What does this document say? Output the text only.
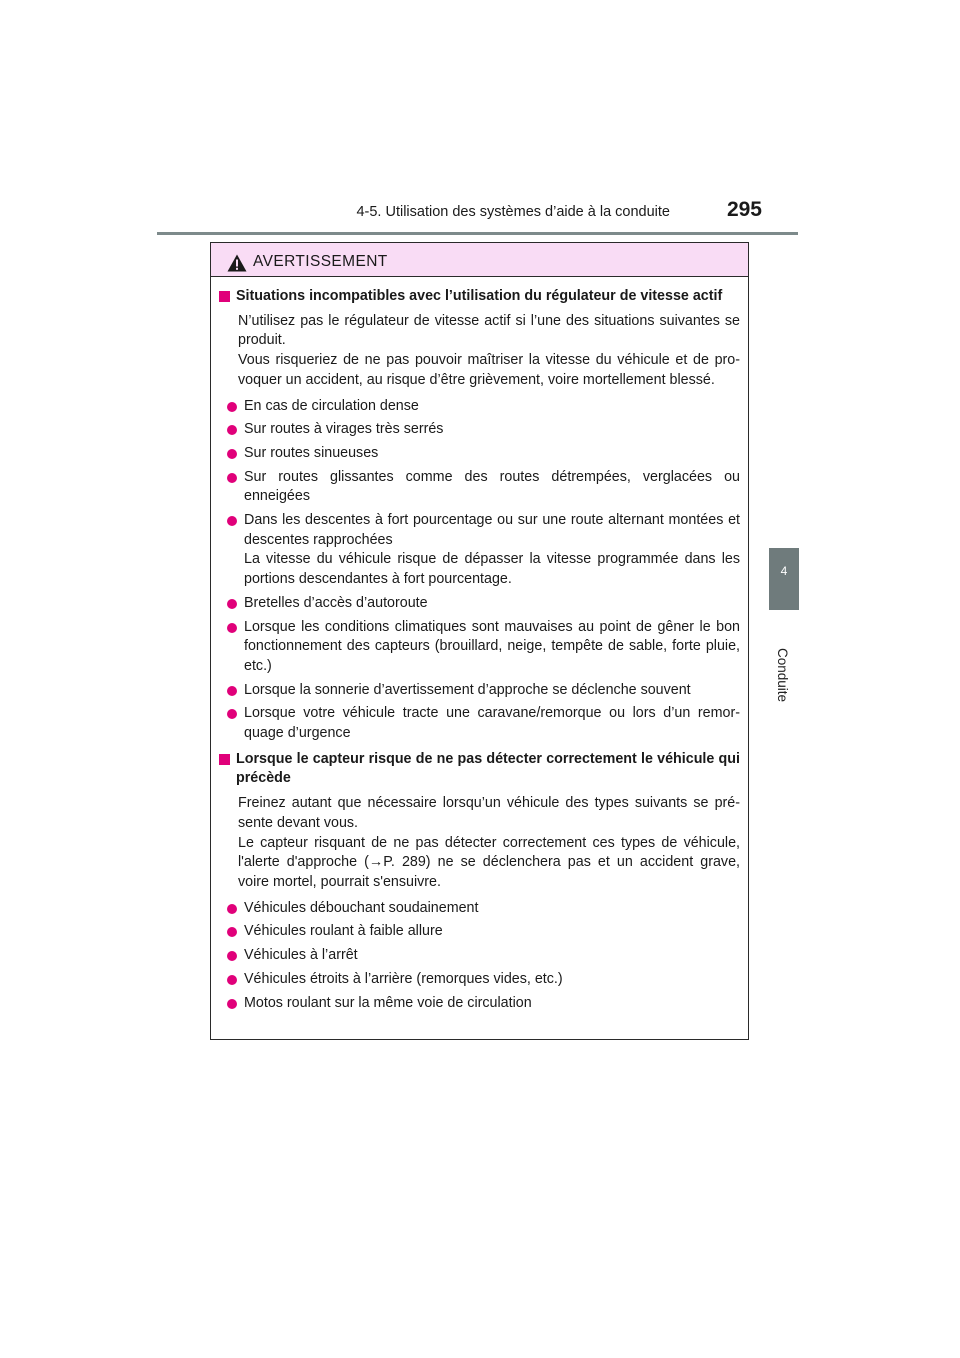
4-5. Utilisation des systèmes d’aide à la conduite	295
4
Conduite
AVERTISSEMENT
Situations incompatibles avec l’utilisation du régulateur de vitesse actif
N’utilisez pas le régulateur de vitesse actif si l’une des situations suivantes se produit.
Vous risqueriez de ne pas pouvoir maîtriser la vitesse du véhicule et de pro-voquer un accident, au risque d’être grièvement, voire mortellement blessé.
En cas de circulation dense
Sur routes à virages très serrés
Sur routes sinueuses
Sur routes glissantes comme des routes détrempées, verglacées ou enneigées
Dans les descentes à fort pourcentage ou sur une route alternant montées et descentes rapprochées
La vitesse du véhicule risque de dépasser la vitesse programmée dans les portions descendantes à fort pourcentage.
Bretelles d’accès d’autoroute
Lorsque les conditions climatiques sont mauvaises au point de gêner le bon fonctionnement des capteurs (brouillard, neige, tempête de sable, forte pluie, etc.)
Lorsque la sonnerie d’avertissement d’approche se déclenche souvent
Lorsque votre véhicule tracte une caravane/remorque ou lors d’un remor-quage d’urgence
Lorsque le capteur risque de ne pas détecter correctement le véhicule qui précède
Freinez autant que nécessaire lorsqu’un véhicule des types suivants se pré-sente devant vous.
Le capteur risquant de ne pas détecter correctement ces types de véhicule, l'alerte d'approche (→P. 289) ne se déclenchera pas et un accident grave, voire mortel, pourrait s'ensuivre.
Véhicules débouchant soudainement
Véhicules roulant à faible allure
Véhicules à l’arrêt
Véhicules étroits à l’arrière (remorques vides, etc.)
Motos roulant sur la même voie de circulation
